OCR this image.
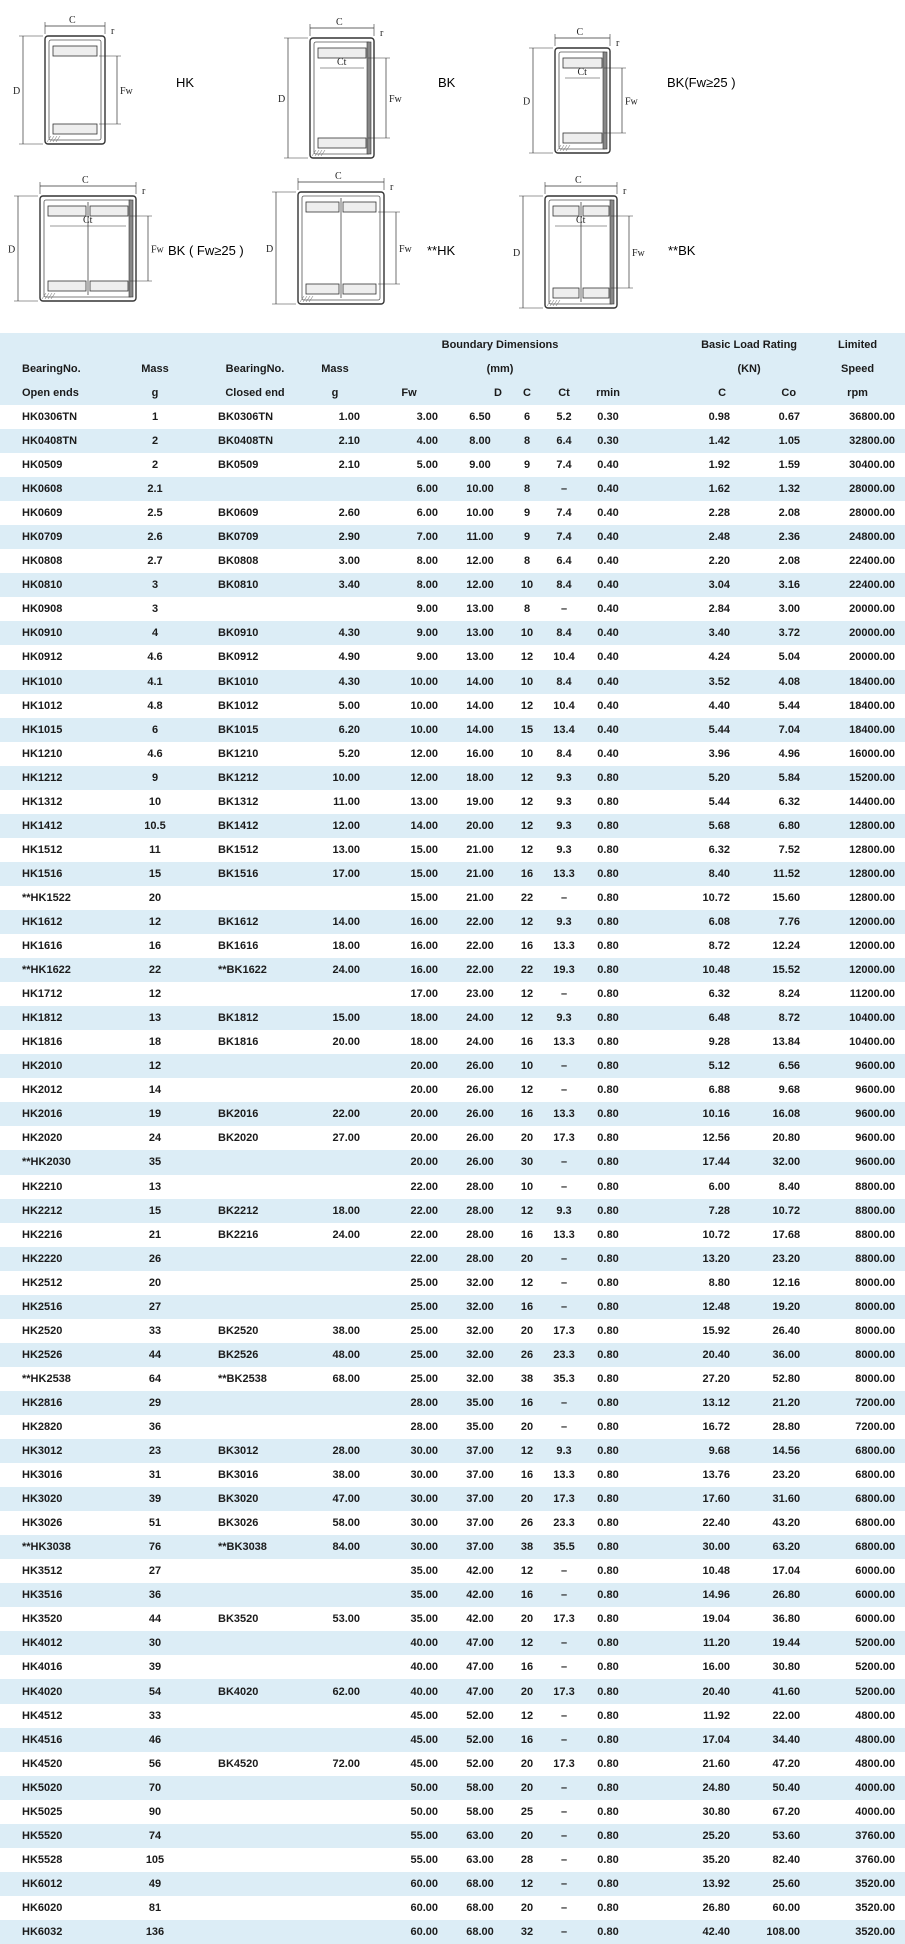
C
r
D	Fw
C
r
D	Fw
Ct
C
r
D	Fw
Ct
C
r
D	Fw
Ct
C
r
D	Fw
C
r
D	Fw
Ct
HK	BK	BK(Fw≥25 )
BK ( Fw≥25 )	**HK	**BK
					Boundary Dimensions					Basic Load Rating			Limited
BearingNo.	Mass		BearingNo.	Mass	(mm)					(KN)			Speed
Open ends	g		Closed end	g	Fw	D	C	Ct	rmin		C	Co	rpm
HK0306TN	1		BK0306TN	1.00	3.00	6.50	6	5.2	0.30		0.98	0.67	36800.00
HK0408TN	2		BK0408TN	2.10	4.00	8.00	8	6.4	0.30		1.42	1.05	32800.00
HK0509	2		BK0509	2.10	5.00	9.00	9	7.4	0.40		1.92	1.59	30400.00
HK0608	2.1				6.00	10.00	8	–	0.40		1.62	1.32	28000.00
HK0609	2.5		BK0609	2.60	6.00	10.00	9	7.4	0.40		2.28	2.08	28000.00
HK0709	2.6		BK0709	2.90	7.00	11.00	9	7.4	0.40		2.48	2.36	24800.00
HK0808	2.7		BK0808	3.00	8.00	12.00	8	6.4	0.40		2.20	2.08	22400.00
HK0810	3		BK0810	3.40	8.00	12.00	10	8.4	0.40		3.04	3.16	22400.00
HK0908	3				9.00	13.00	8	–	0.40		2.84	3.00	20000.00
HK0910	4		BK0910	4.30	9.00	13.00	10	8.4	0.40		3.40	3.72	20000.00
HK0912	4.6		BK0912	4.90	9.00	13.00	12	10.4	0.40		4.24	5.04	20000.00
HK1010	4.1		BK1010	4.30	10.00	14.00	10	8.4	0.40		3.52	4.08	18400.00
HK1012	4.8		BK1012	5.00	10.00	14.00	12	10.4	0.40		4.40	5.44	18400.00
HK1015	6		BK1015	6.20	10.00	14.00	15	13.4	0.40		5.44	7.04	18400.00
HK1210	4.6		BK1210	5.20	12.00	16.00	10	8.4	0.40		3.96	4.96	16000.00
HK1212	9		BK1212	10.00	12.00	18.00	12	9.3	0.80		5.20	5.84	15200.00
HK1312	10		BK1312	11.00	13.00	19.00	12	9.3	0.80		5.44	6.32	14400.00
HK1412	10.5		BK1412	12.00	14.00	20.00	12	9.3	0.80		5.68	6.80	12800.00
HK1512	11		BK1512	13.00	15.00	21.00	12	9.3	0.80		6.32	7.52	12800.00
HK1516	15		BK1516	17.00	15.00	21.00	16	13.3	0.80		8.40	11.52	12800.00
**HK1522	20				15.00	21.00	22	–	0.80		10.72	15.60	12800.00
HK1612	12		BK1612	14.00	16.00	22.00	12	9.3	0.80		6.08	7.76	12000.00
HK1616	16		BK1616	18.00	16.00	22.00	16	13.3	0.80		8.72	12.24	12000.00
**HK1622	22		**BK1622	24.00	16.00	22.00	22	19.3	0.80		10.48	15.52	12000.00
HK1712	12				17.00	23.00	12	–	0.80		6.32	8.24	11200.00
HK1812	13		BK1812	15.00	18.00	24.00	12	9.3	0.80		6.48	8.72	10400.00
HK1816	18		BK1816	20.00	18.00	24.00	16	13.3	0.80		9.28	13.84	10400.00
HK2010	12				20.00	26.00	10	–	0.80		5.12	6.56	9600.00
HK2012	14				20.00	26.00	12	–	0.80		6.88	9.68	9600.00
HK2016	19		BK2016	22.00	20.00	26.00	16	13.3	0.80		10.16	16.08	9600.00
HK2020	24		BK2020	27.00	20.00	26.00	20	17.3	0.80		12.56	20.80	9600.00
**HK2030	35				20.00	26.00	30	–	0.80		17.44	32.00	9600.00
HK2210	13				22.00	28.00	10	–	0.80		6.00	8.40	8800.00
HK2212	15		BK2212	18.00	22.00	28.00	12	9.3	0.80		7.28	10.72	8800.00
HK2216	21		BK2216	24.00	22.00	28.00	16	13.3	0.80		10.72	17.68	8800.00
HK2220	26				22.00	28.00	20	–	0.80		13.20	23.20	8800.00
HK2512	20				25.00	32.00	12	–	0.80		8.80	12.16	8000.00
HK2516	27				25.00	32.00	16	–	0.80		12.48	19.20	8000.00
HK2520	33		BK2520	38.00	25.00	32.00	20	17.3	0.80		15.92	26.40	8000.00
HK2526	44		BK2526	48.00	25.00	32.00	26	23.3	0.80		20.40	36.00	8000.00
**HK2538	64		**BK2538	68.00	25.00	32.00	38	35.3	0.80		27.20	52.80	8000.00
HK2816	29				28.00	35.00	16	–	0.80		13.12	21.20	7200.00
HK2820	36				28.00	35.00	20	–	0.80		16.72	28.80	7200.00
HK3012	23		BK3012	28.00	30.00	37.00	12	9.3	0.80		9.68	14.56	6800.00
HK3016	31		BK3016	38.00	30.00	37.00	16	13.3	0.80		13.76	23.20	6800.00
HK3020	39		BK3020	47.00	30.00	37.00	20	17.3	0.80		17.60	31.60	6800.00
HK3026	51		BK3026	58.00	30.00	37.00	26	23.3	0.80		22.40	43.20	6800.00
**HK3038	76		**BK3038	84.00	30.00	37.00	38	35.5	0.80		30.00	63.20	6800.00
HK3512	27				35.00	42.00	12	–	0.80		10.48	17.04	6000.00
HK3516	36				35.00	42.00	16	–	0.80		14.96	26.80	6000.00
HK3520	44		BK3520	53.00	35.00	42.00	20	17.3	0.80		19.04	36.80	6000.00
HK4012	30				40.00	47.00	12	–	0.80		11.20	19.44	5200.00
HK4016	39				40.00	47.00	16	–	0.80		16.00	30.80	5200.00
HK4020	54		BK4020	62.00	40.00	47.00	20	17.3	0.80		20.40	41.60	5200.00
HK4512	33				45.00	52.00	12	–	0.80		11.92	22.00	4800.00
HK4516	46				45.00	52.00	16	–	0.80		17.04	34.40	4800.00
HK4520	56		BK4520	72.00	45.00	52.00	20	17.3	0.80		21.60	47.20	4800.00
HK5020	70				50.00	58.00	20	–	0.80		24.80	50.40	4000.00
HK5025	90				50.00	58.00	25	–	0.80		30.80	67.20	4000.00
HK5520	74				55.00	63.00	20	–	0.80		25.20	53.60	3760.00
HK5528	105				55.00	63.00	28	–	0.80		35.20	82.40	3760.00
HK6012	49				60.00	68.00	12	–	0.80		13.92	25.60	3520.00
HK6020	81				60.00	68.00	20	–	0.80		26.80	60.00	3520.00
HK6032	136				60.00	68.00	32	–	0.80		42.40	108.00	3520.00
